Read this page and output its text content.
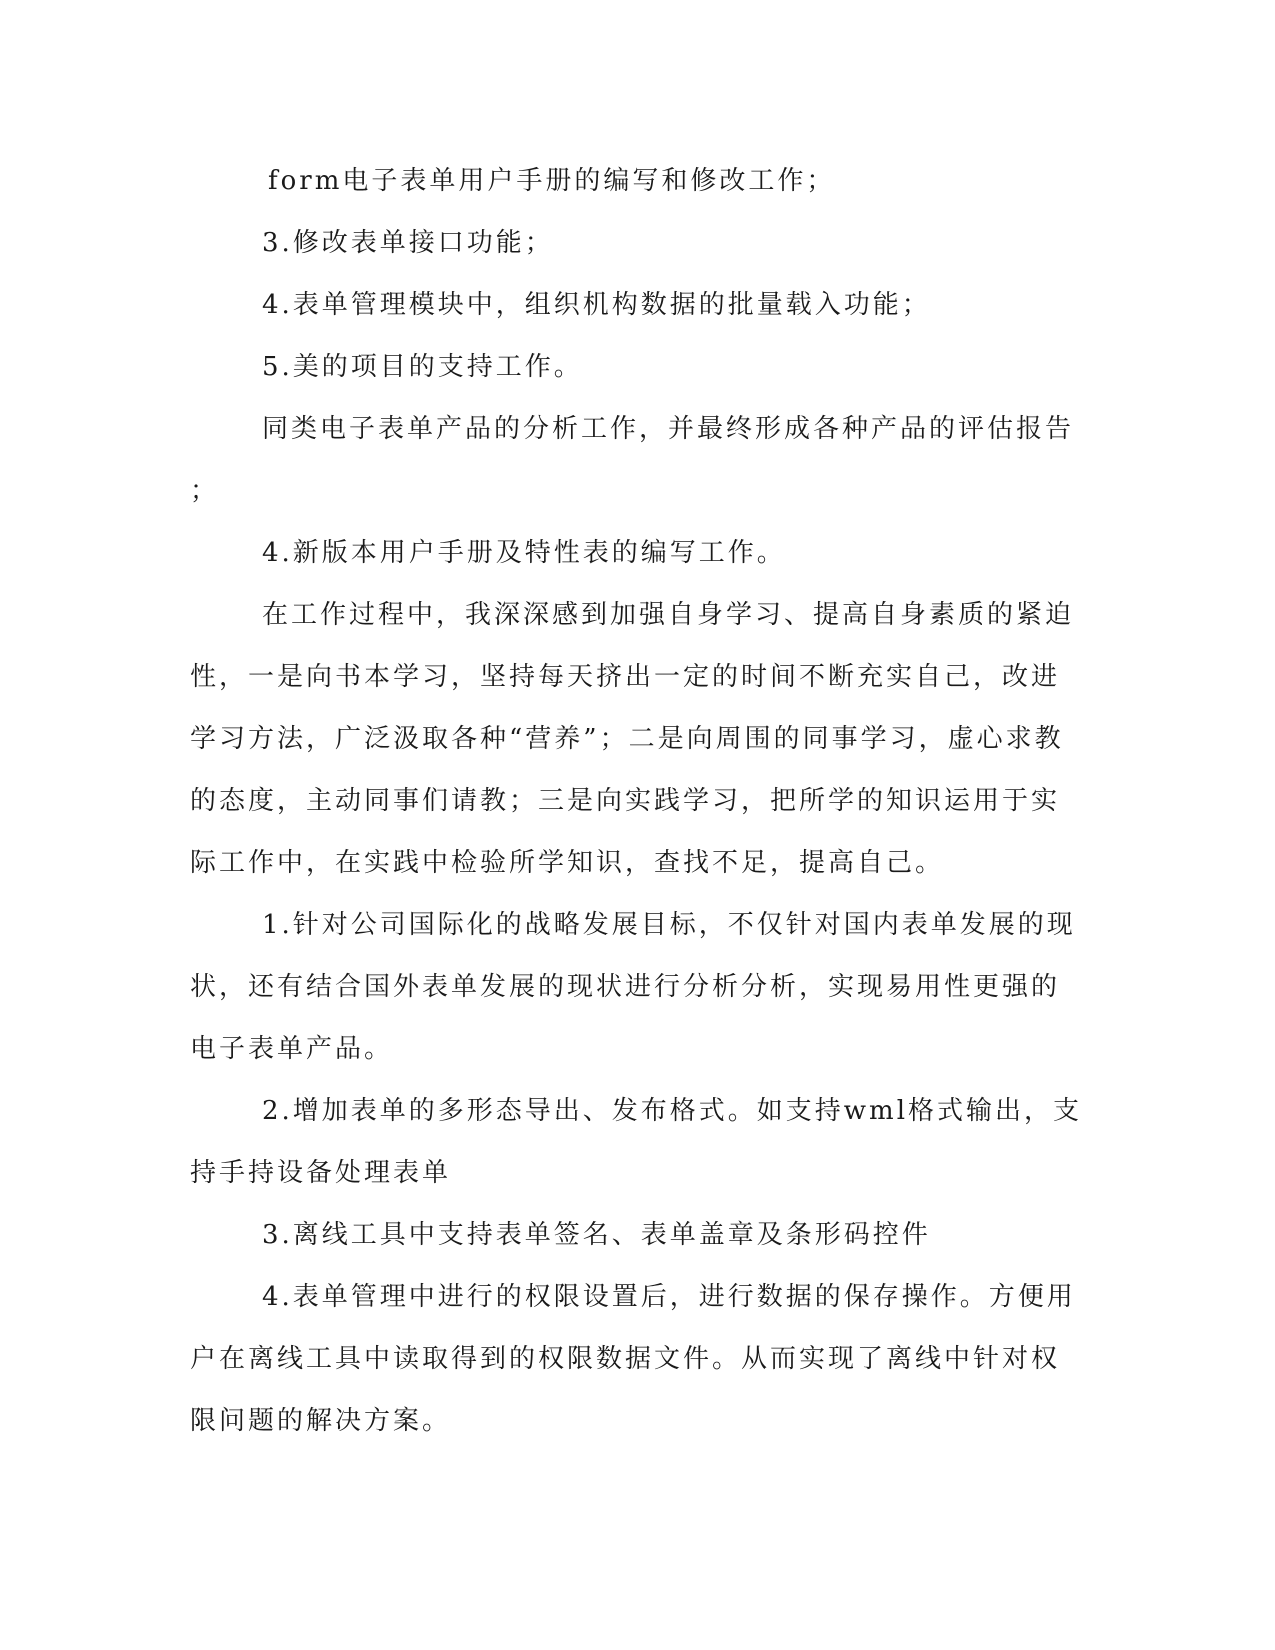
form电子表单用户手册的编写和修改工作；
3.修改表单接口功能；
4.表单管理模块中，组织机构数据的批量载入功能；
5.美的项目的支持工作。
同类电子表单产品的分析工作，并最终形成各种产品的评估报告
；
4.新版本用户手册及特性表的编写工作。
在工作过程中，我深深感到加强自身学习、提高自身素质的紧迫
性，一是向书本学习，坚持每天挤出一定的时间不断充实自己，改进
学习方法，广泛汲取各种“营养”；二是向周围的同事学习，虚心求教
的态度，主动同事们请教；三是向实践学习，把所学的知识运用于实
际工作中，在实践中检验所学知识，查找不足，提高自己。
1.针对公司国际化的战略发展目标，不仅针对国内表单发展的现
状，还有结合国外表单发展的现状进行分析分析，实现易用性更强的
电子表单产品。
2.增加表单的多形态导出、发布格式。如支持wml格式输出，支
持手持设备处理表单
3.离线工具中支持表单签名、表单盖章及条形码控件
4.表单管理中进行的权限设置后，进行数据的保存操作。方便用
户在离线工具中读取得到的权限数据文件。从而实现了离线中针对权
限问题的解决方案。
